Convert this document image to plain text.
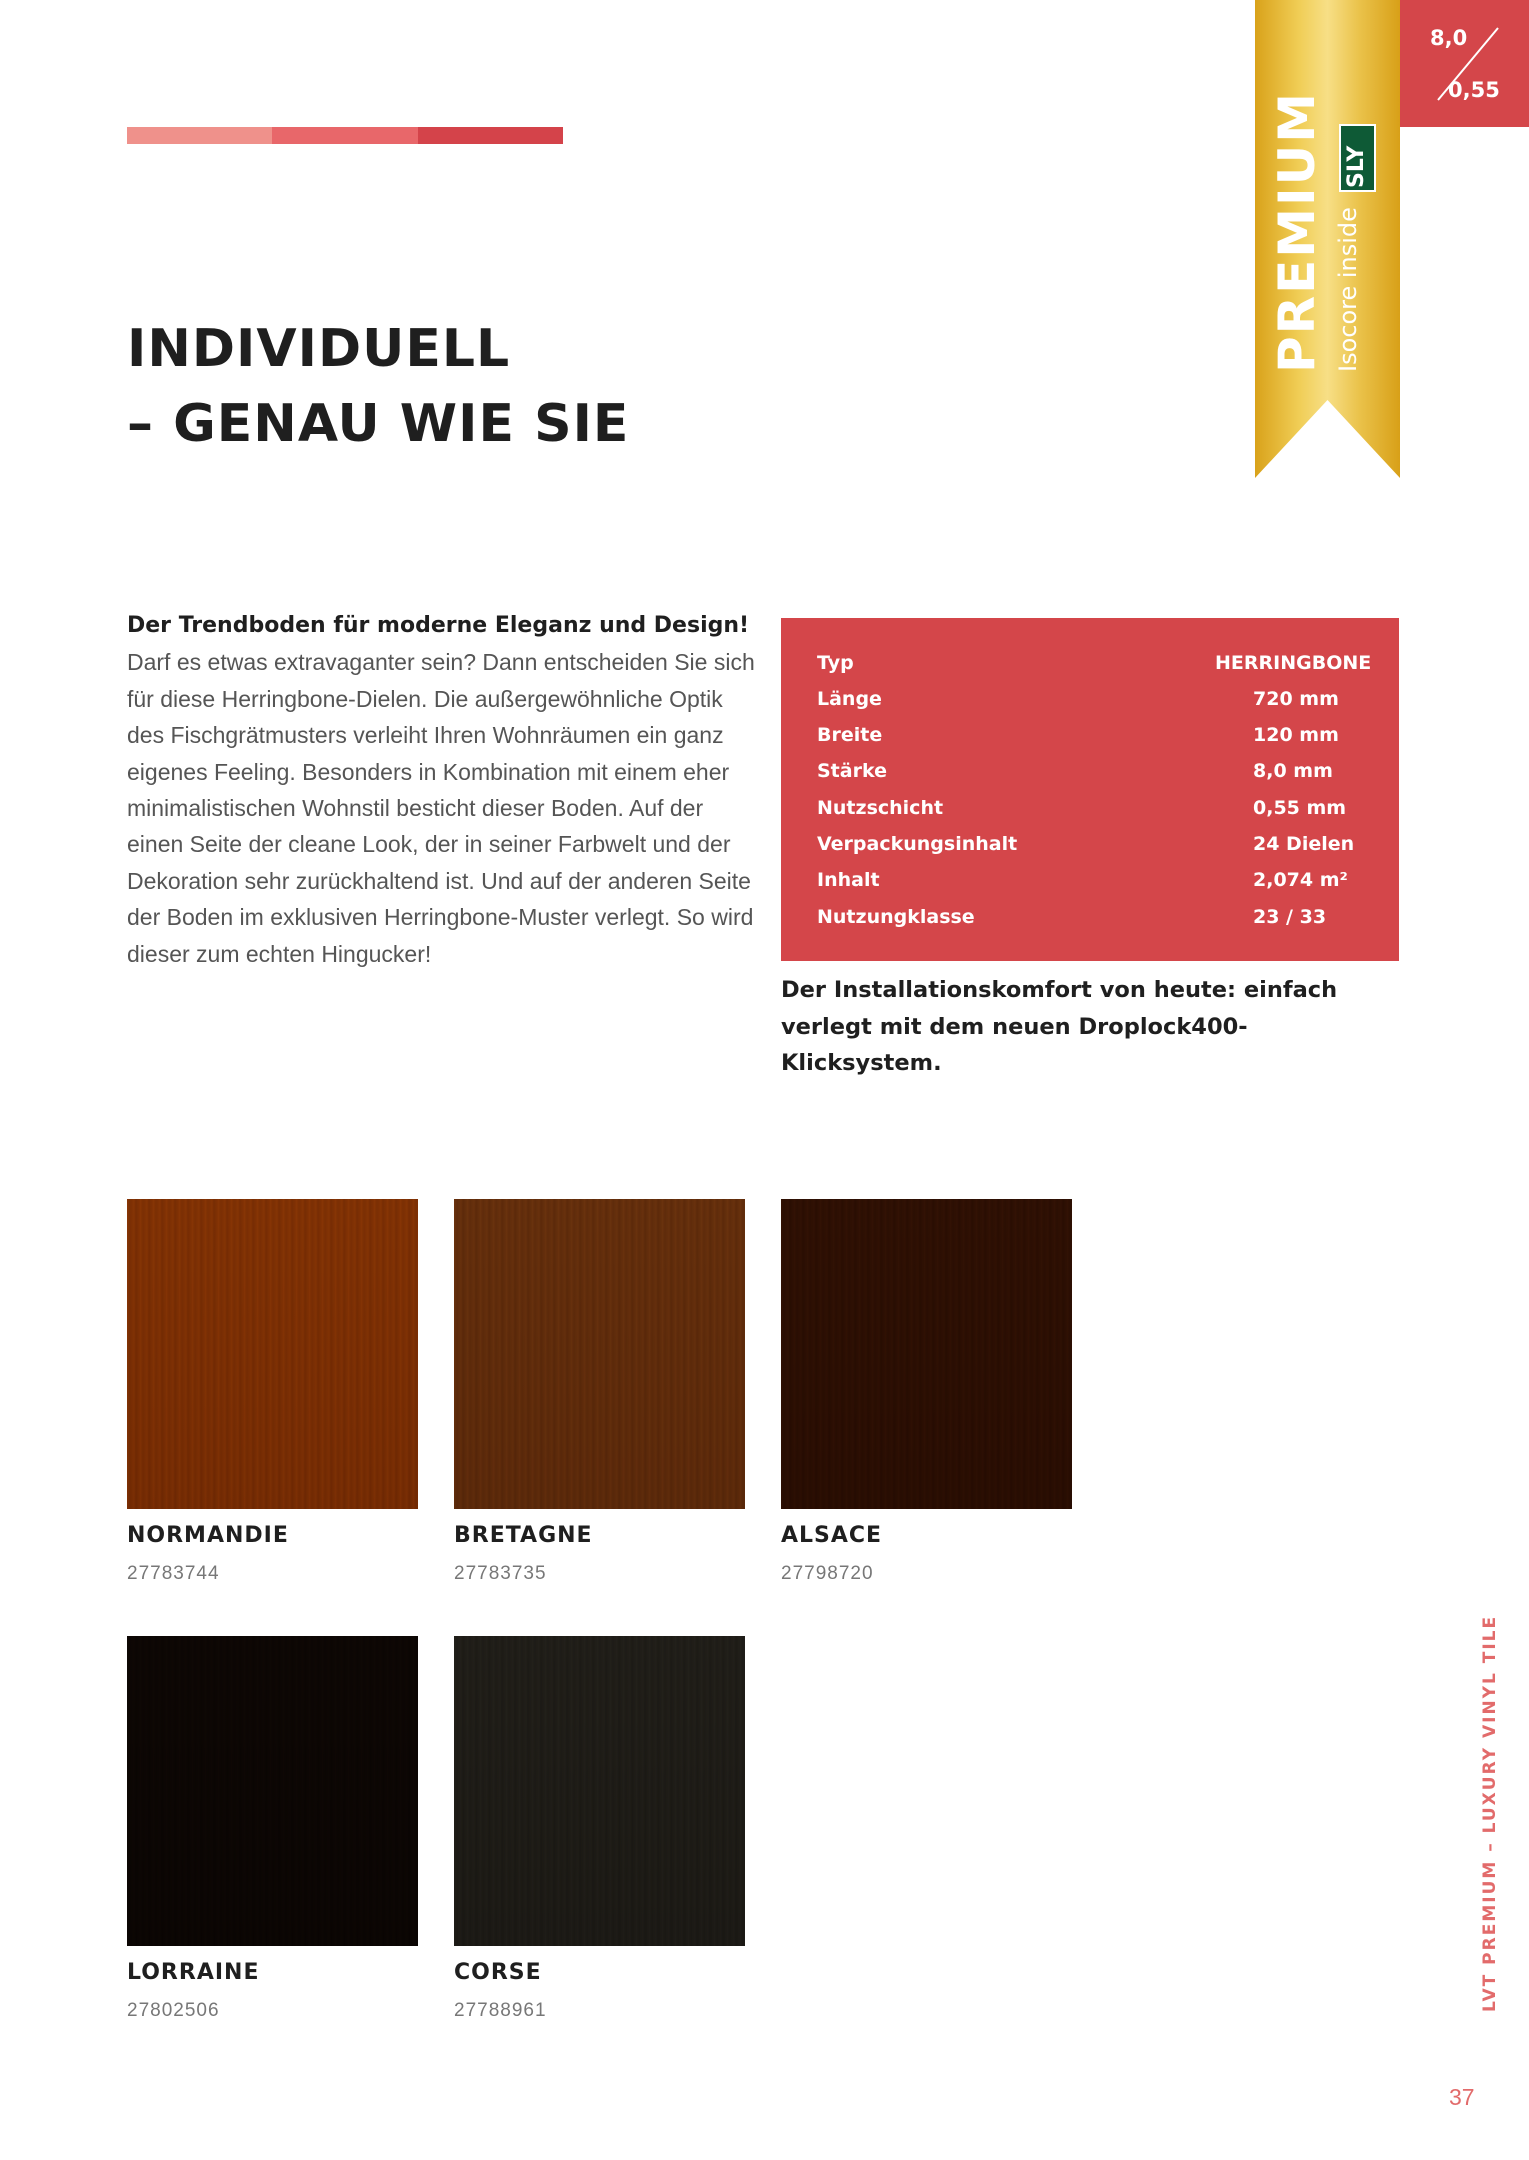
INDIVIDUELL
– GENAU WIE SIE
PREMIUM Isocore inside
SLY
8,0
0,55
Der Trendboden für moderne Eleganz und Design!
Darf es etwas extravaganter sein? Dann entscheiden Sie sich für diese Herringbone-Dielen. Die außergewöhnliche Optik des Fischgrätmusters verleiht Ihren Wohnräumen ein ganz eigenes Feeling. Besonders in Kombination mit einem eher minimalistischen Wohnstil besticht dieser Boden. Auf der einen Seite der cleane Look, der in seiner Farbwelt und der Dekoration sehr zurückhaltend ist. Und auf der anderen Seite der Boden im exklusiven Herringbone-Muster verlegt. So wird dieser zum echten Hingucker!
Typ	HERRINGBONE
Länge	720 mm
Breite	120 mm
Stärke	8,0 mm
Nutzschicht	0,55 mm
Verpackungsinhalt	24 Dielen
Inhalt	2,074 m²
Nutzungklasse	23 / 33
Der Installationskomfort von heute: einfach verlegt mit dem neuen Droplock400-Klicksystem.
NORMANDIE
27783744
BRETAGNE
27783735
ALSACE
27798720
LORRAINE
27802506
CORSE
27788961	LVT PREMIUM – LUXURY VINYL TILE
37
